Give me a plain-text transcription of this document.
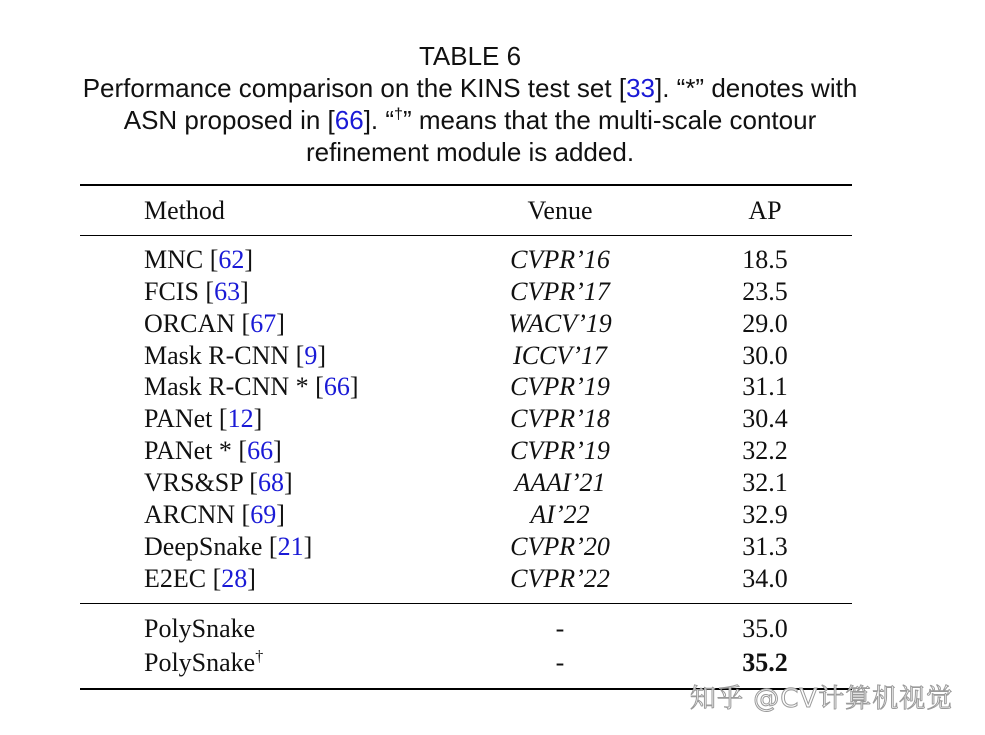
TABLE 6
Performance comparison on the KINS test set [33]. “*” denotes with
ASN proposed in [66]. “†” means that the multi-scale contour
refinement module is added.
Method	Venue	AP
MNC [62]	CVPR’16	18.5
FCIS [63]	CVPR’17	23.5
ORCAN [67]	WACV’19	29.0
Mask R-CNN [9]	ICCV’17	30.0
Mask R-CNN * [66]	CVPR’19	31.1
PANet [12]	CVPR’18	30.4
PANet * [66]	CVPR’19	32.2
VRS&SP [68]	AAAI’21	32.1
ARCNN [69]	AI’22	32.9
DeepSnake [21]	CVPR’20	31.3
E2EC [28]	CVPR’22	34.0
PolySnake	-	35.0
PolySnake†	-	35.2
知乎 @CV计算机视觉
